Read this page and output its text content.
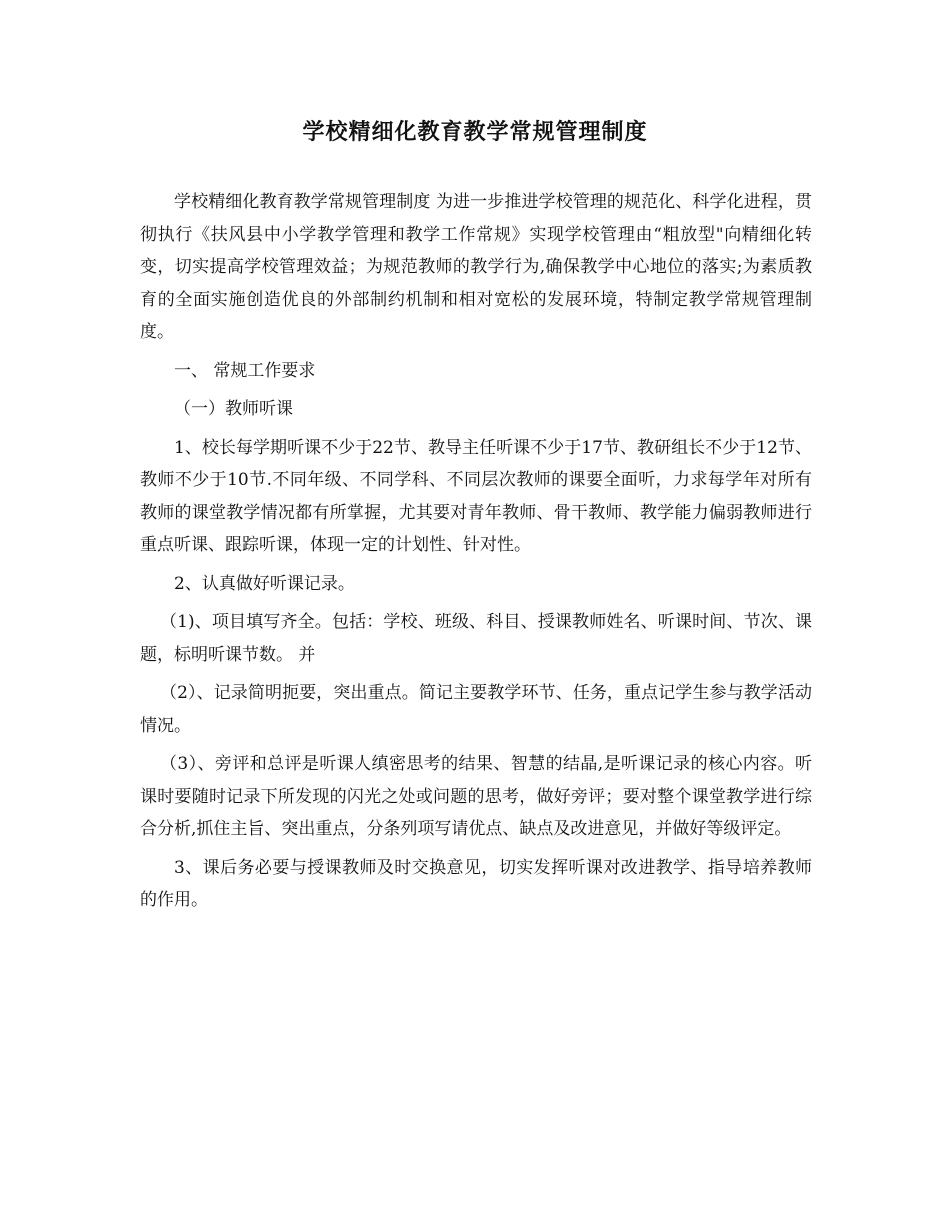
学校精细化教育教学常规管理制度

学校精细化教育教学常规管理制度 为进一步推进学校管理的规范化、科学化进程，贯彻执行《扶风县中小学教学管理和教学工作常规》实现学校管理由“粗放型"向精细化转变，切实提高学校管理效益；为规范教师的教学行为,确保教学中心地位的落实;为素质教育的全面实施创造优良的外部制约机制和相对宽松的发展环境，特制定教学常规管理制度。

一、 常规工作要求

（一）教师听课

1、校长每学期听课不少于22节、教导主任听课不少于17节、教研组长不少于12节、教师不少于10节.不同年级、不同学科、不同层次教师的课要全面听，力求每学年对所有教师的课堂教学情况都有所掌握，尤其要对青年教师、骨干教师、教学能力偏弱教师进行重点听课、跟踪听课，体现一定的计划性、针对性。

2、认真做好听课记录。

（1)、项目填写齐全。包括：学校、班级、科目、授课教师姓名、听课时间、节次、课题，标明听课节数。 并

（2）、记录简明扼要，突出重点。简记主要教学环节、任务，重点记学生参与教学活动情况。

（3）、旁评和总评是听课人缜密思考的结果、智慧的结晶,是听课记录的核心内容。听课时要随时记录下所发现的闪光之处或问题的思考，做好旁评；要对整个课堂教学进行综合分析,抓住主旨、突出重点，分条列项写请优点、缺点及改进意见，并做好等级评定。

3、课后务必要与授课教师及时交换意见，切实发挥听课对改进教学、指导培养教师的作用。
